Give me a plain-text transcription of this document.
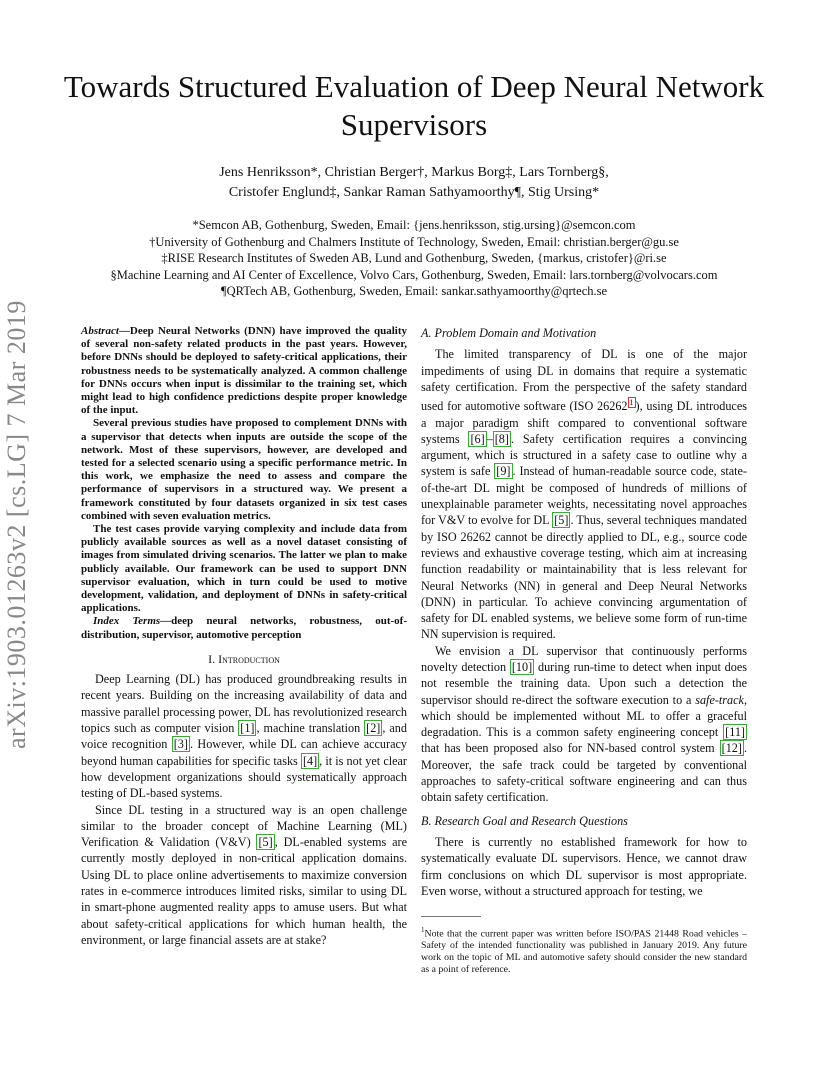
arXiv:1903.01263v2 [cs.LG] 7 Mar 2019
Towards Structured Evaluation of Deep Neural Network Supervisors
Jens Henriksson*, Christian Berger†, Markus Borg‡, Lars Tornberg§,
Cristofer Englund‡, Sankar Raman Sathyamoorthy¶, Stig Ursing*
*Semcon AB, Gothenburg, Sweden, Email: {jens.henriksson, stig.ursing}@semcon.com
†University of Gothenburg and Chalmers Institute of Technology, Sweden, Email: christian.berger@gu.se
‡RISE Research Institutes of Sweden AB, Lund and Gothenburg, Sweden, {markus, cristofer}@ri.se
§Machine Learning and AI Center of Excellence, Volvo Cars, Gothenburg, Sweden, Email: lars.tornberg@volvocars.com
¶QRTech AB, Gothenburg, Sweden, Email: sankar.sathyamoorthy@qrtech.se

Abstract—Deep Neural Networks (DNN) have improved the quality of several non-safety related products in the past years. However, before DNNs should be deployed to safety-critical applications, their robustness needs to be systematically analyzed. A common challenge for DNNs occurs when input is dissimilar to the training set, which might lead to high confidence predictions despite proper knowledge of the input.

Several previous studies have proposed to complement DNNs with a supervisor that detects when inputs are outside the scope of the network. Most of these supervisors, however, are developed and tested for a selected scenario using a specific performance metric. In this work, we emphasize the need to assess and compare the performance of supervisors in a structured way. We present a framework constituted by four datasets organized in six test cases combined with seven evaluation metrics.

The test cases provide varying complexity and include data from publicly available sources as well as a novel dataset consisting of images from simulated driving scenarios. The latter we plan to make publicly available. Our framework can be used to support DNN supervisor evaluation, which in turn could be used to motive development, validation, and deployment of DNNs in safety-critical applications.

Index Terms—deep neural networks, robustness, out-of-distribution, supervisor, automotive perception

I. Introduction

Deep Learning (DL) has produced groundbreaking results in recent years. Building on the increasing availability of data and massive parallel processing power, DL has revolutionized research topics such as computer vision [1] , machine translation [2] , and voice recognition [3] . However, while DL can achieve accuracy beyond human capabilities for specific tasks [4] , it is not yet clear how development organizations should systematically approach testing of DL-based systems.

Since DL testing in a structured way is an open challenge similar to the broader concept of Machine Learning (ML) Verification & Validation (V&V) [5] , DL-enabled systems are currently mostly deployed in non-critical application domains. Using DL to place online advertisements to maximize conversion rates in e-commerce introduces limited risks, similar to using DL in smart-phone augmented reality apps to amuse users. But what about safety-critical applications for which human health, the environment, or large financial assets are at stake?

A. Problem Domain and Motivation

The limited transparency of DL is one of the major impediments of using DL in domains that require a systematic safety certification. From the perspective of the safety standard used for automotive software (ISO 26262 $^1$ ), using DL introduces a major paradigm shift compared to conventional software systems [6] – [8] . Safety certification requires a convincing argument, which is structured in a safety case to outline why a system is safe [9] . Instead of human-readable source code, state-of-the-art DL might be composed of hundreds of millions of unexplainable parameter weights, necessitating novel approaches for V&V to evolve for DL [5] . Thus, several techniques mandated by ISO 26262 cannot be directly applied to DL, e.g., source code reviews and exhaustive coverage testing, which aim at increasing function readability or maintainability that is less relevant for Neural Networks (NN) in general and Deep Neural Networks (DNN) in particular. To achieve convincing argumentation of safety for DL enabled systems, we believe some form of run-time NN supervision is required.

We envision a DL supervisor that continuously performs novelty detection [10] during run-time to detect when input does not resemble the training data. Upon such a detection the supervisor should re-direct the software execution to a safe-track, which should be implemented without ML to offer a graceful degradation. This is a common safety engineering concept [11] that has been proposed also for NN-based control system [12] . Moreover, the safe track could be targeted by conventional approaches to safety-critical software engineering and can thus obtain safety certification.

B. Research Goal and Research Questions

There is currently no established framework for how to systematically evaluate DL supervisors. Hence, we cannot draw firm conclusions on which DL supervisor is most appropriate. Even worse, without a structured approach for testing, we

$^1$Note that the current paper was written before ISO/PAS 21448 Road vehicles – Safety of the intended functionality was published in January 2019. Any future work on the topic of ML and automotive safety should consider the new standard as a point of reference.
